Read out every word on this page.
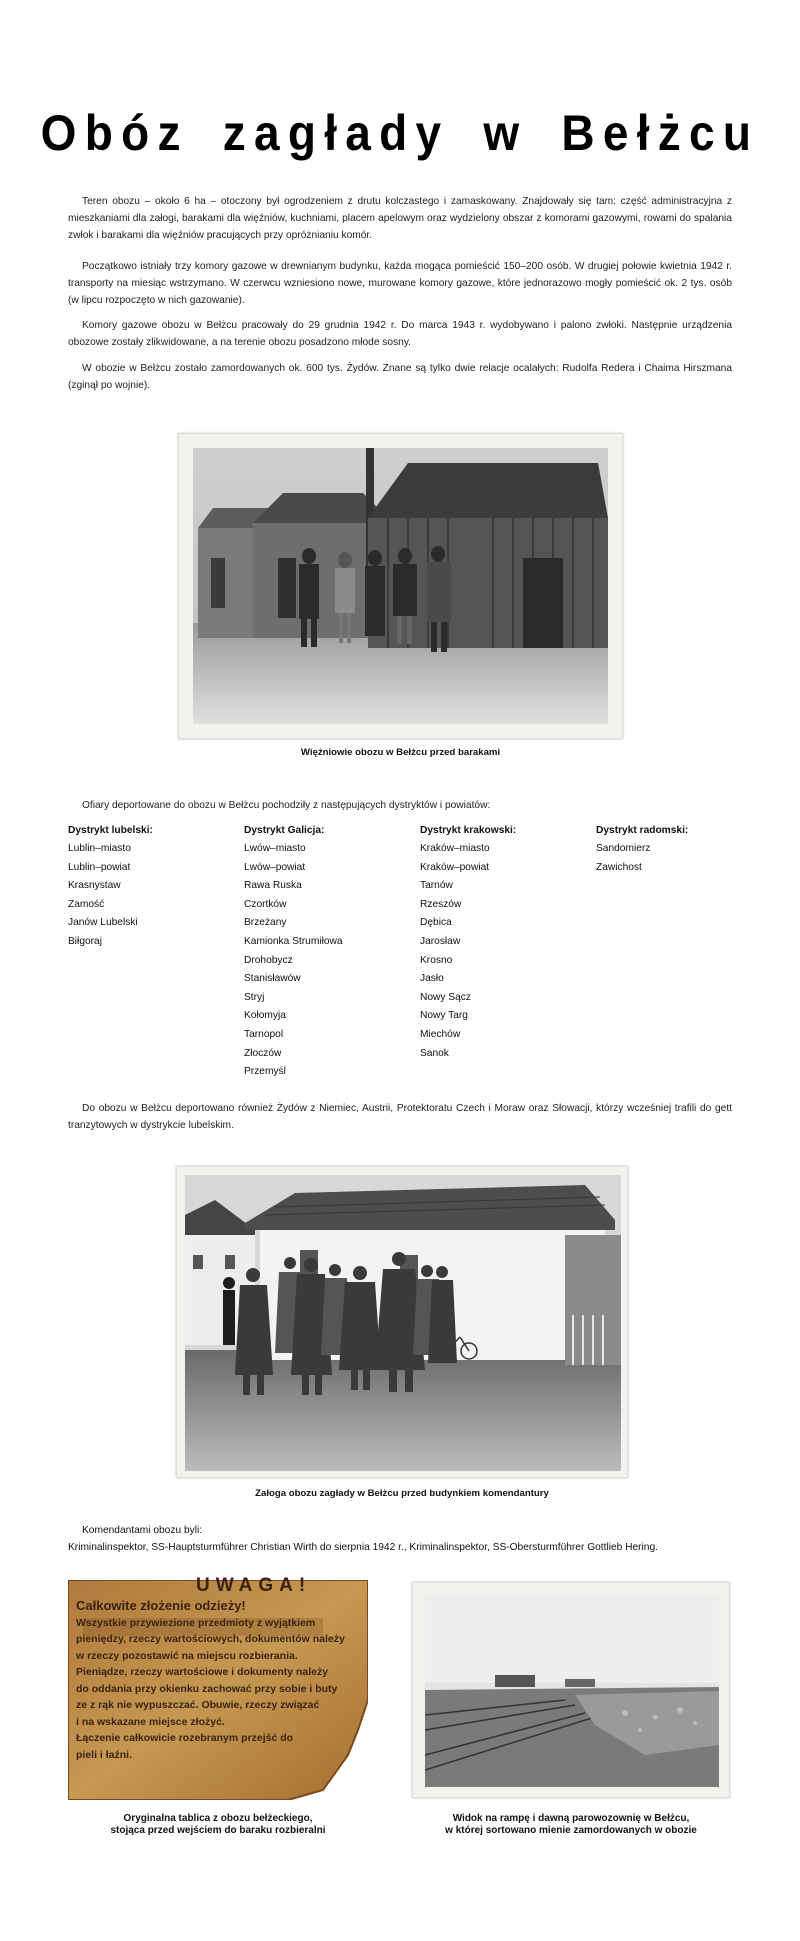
Obóz zagłady w Bełżcu

Teren obozu – około 6 ha – otoczony był ogrodzeniem z drutu kolczastego i zamaskowany. Znajdowały się tam: część administracyjna z mieszkaniami dla załogi, barakami dla więźniów, kuchniami, placem apelowym oraz wydzielony obszar z komorami gazowymi, rowami do spalania zwłok i barakami dla więźniów pracujących przy opróżnianiu komór.

Początkowo istniały trzy komory gazowe w drewnianym budynku, każda mogąca pomieścić 150–200 osób. W drugiej połowie kwietnia 1942 r. transporty na miesiąc wstrzymano. W czerwcu wzniesiono nowe, murowane komory gazowe, które jednorazowo mogły pomieścić ok. 2 tys. osób (w lipcu rozpoczęto w nich gazowanie).

Komory gazowe obozu w Bełżcu pracowały do 29 grudnia 1942 r. Do marca 1943 r. wydobywano i palono zwłoki. Następnie urządzenia obozowe zostały zlikwidowane, a na terenie obozu posadzono młode sosny.

W obozie w Bełżcu zostało zamordowanych ok. 600 tys. Żydów. Znane są tylko dwie relacje ocalałych: Rudolfa Redera i Chaima Hirszmana (zginął po wojnie).

Więźniowie obozu w Bełżcu przed barakami

Ofiary deportowane do obozu w Bełżcu pochodziły z następujących dystryktów i powiatów:

Dystrykt lubelski:
Lublin–miasto
Lublin–powiat
Krasnystaw
Zamość
Janów Lubelski
Biłgoraj
Dystrykt Galicja:
Lwów–miasto
Lwów–powiat
Rawa Ruska
Czortków
Brzeżany
Kamionka Strumiłowa
Drohobycz
Stanisławów
Stryj
Kołomyja
Tarnopol
Złoczów
Przemyśl
Dystrykt krakowski:
Kraków–miasto
Kraków–powiat
Tarnów
Rzeszów
Dębica
Jarosław
Krosno
Jasło
Nowy Sącz
Nowy Targ
Miechów
Sanok
Dystrykt radomski:
Sandomierz
Zawichost

Do obozu w Bełżcu deportowano również Żydów z Niemiec, Austrii, Protektoratu Czech i Moraw oraz Słowacji, którzy wcześniej trafili do gett tranzytowych w dystrykcie lubelskim.

Załoga obozu zagłady w Bełżcu przed budynkiem komendantury
Komendantami obozu byli:
Kriminalinspektor, SS-Hauptsturmführer Christian Wirth do sierpnia 1942 r., Kriminalinspektor, SS-Obersturmführer Gottlieb Hering.
UWAGA!
Całkowite złożenie odzieży!
Wszystkie przywiezione przedmioty z wyjątkiem
pieniędzy, rzeczy wartościowych, dokumentów należy
w rzeczy pozostawić na miejscu rozbierania.
Pieniądze, rzeczy wartościowe i dokumenty należy
do oddania przy okienku zachować przy sobie i buty
ze z rąk nie wypuszczać. Obuwie, rzeczy związać
i na wskazane miejsce złożyć.
Łączenie całkowicie rozebranym przejść do
pieli i łaźni.
Oryginalna tablica z obozu bełżeckiego,
stojąca przed wejściem do baraku rozbieralni
Widok na rampę i dawną parowozownię w Bełżcu,
w której sortowano mienie zamordowanych w obozie
